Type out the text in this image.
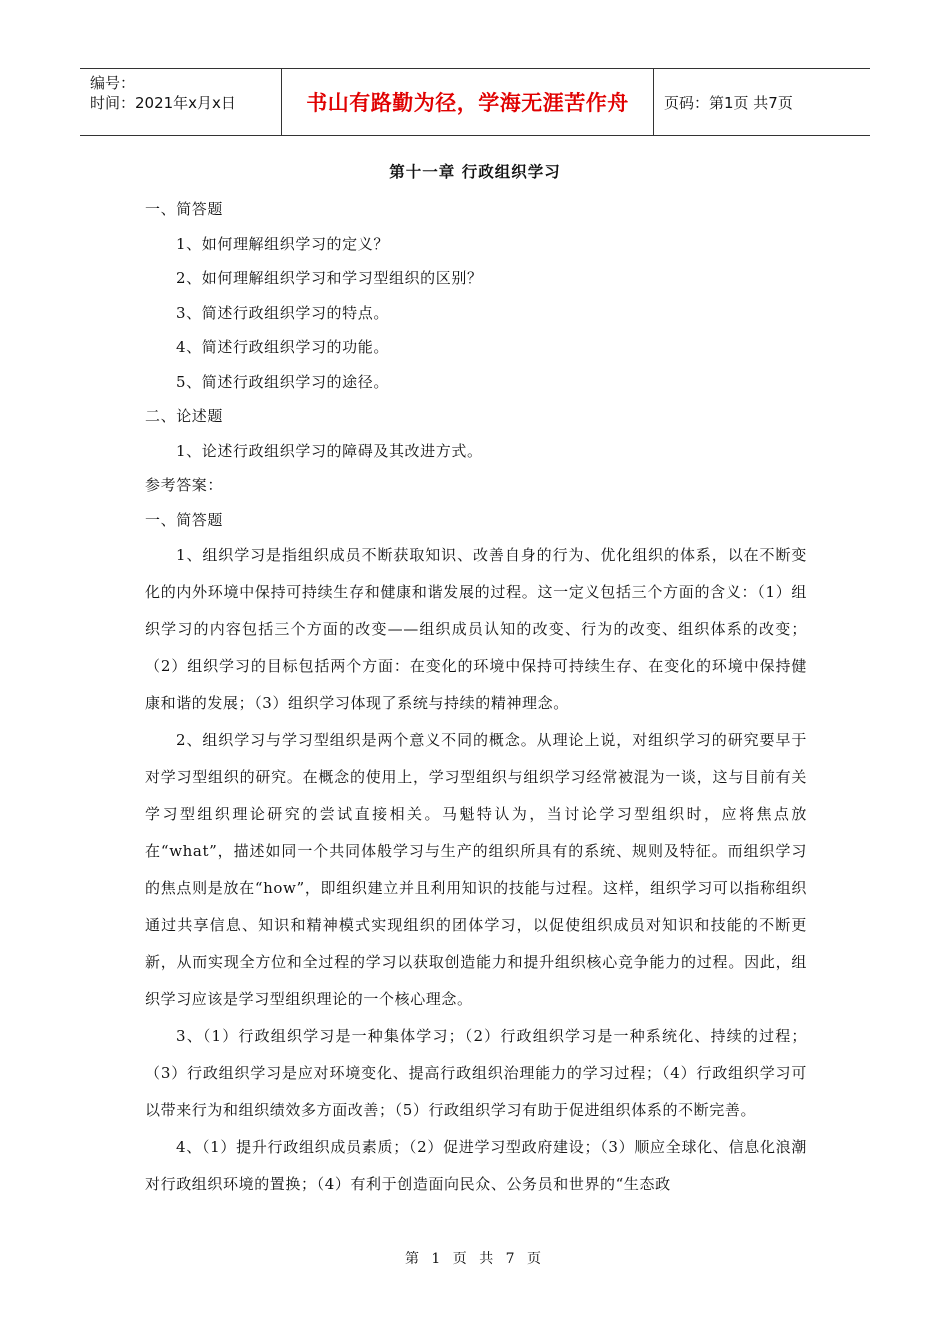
编号：
时间：2021年x月x日	书山有路勤为径，学海无涯苦作舟	页码：第1页 共7页
第十一章 行政组织学习
一、简答题
1、如何理解组织学习的定义？
2、如何理解组织学习和学习型组织的区别？
3、简述行政组织学习的特点。
4、简述行政组织学习的功能。
5、简述行政组织学习的途径。
二、论述题
1、论述行政组织学习的障碍及其改进方式。
参考答案：
一、简答题

1、组织学习是指组织成员不断获取知识、改善自身的行为、优化组织的体系，以在不断变化的内外环境中保持可持续生存和健康和谐发展的过程。这一定义包括三个方面的含义：（1）组织学习的内容包括三个方面的改变——组织成员认知的改变、行为的改变、组织体系的改变；（2）组织学习的目标包括两个方面：在变化的环境中保持可持续生存、在变化的环境中保持健康和谐的发展；（3）组织学习体现了系统与持续的精神理念。

2、组织学习与学习型组织是两个意义不同的概念。从理论上说，对组织学习的研究要早于对学习型组织的研究。在概念的使用上，学习型组织与组织学习经常被混为一谈，这与目前有关学习型组织理论研究的尝试直接相关。马魁特认为，当讨论学习型组织时，应将焦点放在“what”，描述如同一个共同体般学习与生产的组织所具有的系统、规则及特征。而组织学习的焦点则是放在“how”，即组织建立并且利用知识的技能与过程。这样，组织学习可以指称组织通过共享信息、知识和精神模式实现组织的团体学习，以促使组织成员对知识和技能的不断更新，从而实现全方位和全过程的学习以获取创造能力和提升组织核心竞争能力的过程。因此，组织学习应该是学习型组织理论的一个核心理念。

3、（1）行政组织学习是一种集体学习；（2）行政组织学习是一种系统化、持续的过程；（3）行政组织学习是应对环境变化、提高行政组织治理能力的学习过程；（4）行政组织学习可以带来行为和组织绩效多方面改善；（5）行政组织学习有助于促进组织体系的不断完善。

4、（1）提升行政组织成员素质；（2）促进学习型政府建设；（3）顺应全球化、信息化浪潮对行政组织环境的置换；（4）有利于创造面向民众、公务员和世界的“生态政

第 1 页 共 7 页
